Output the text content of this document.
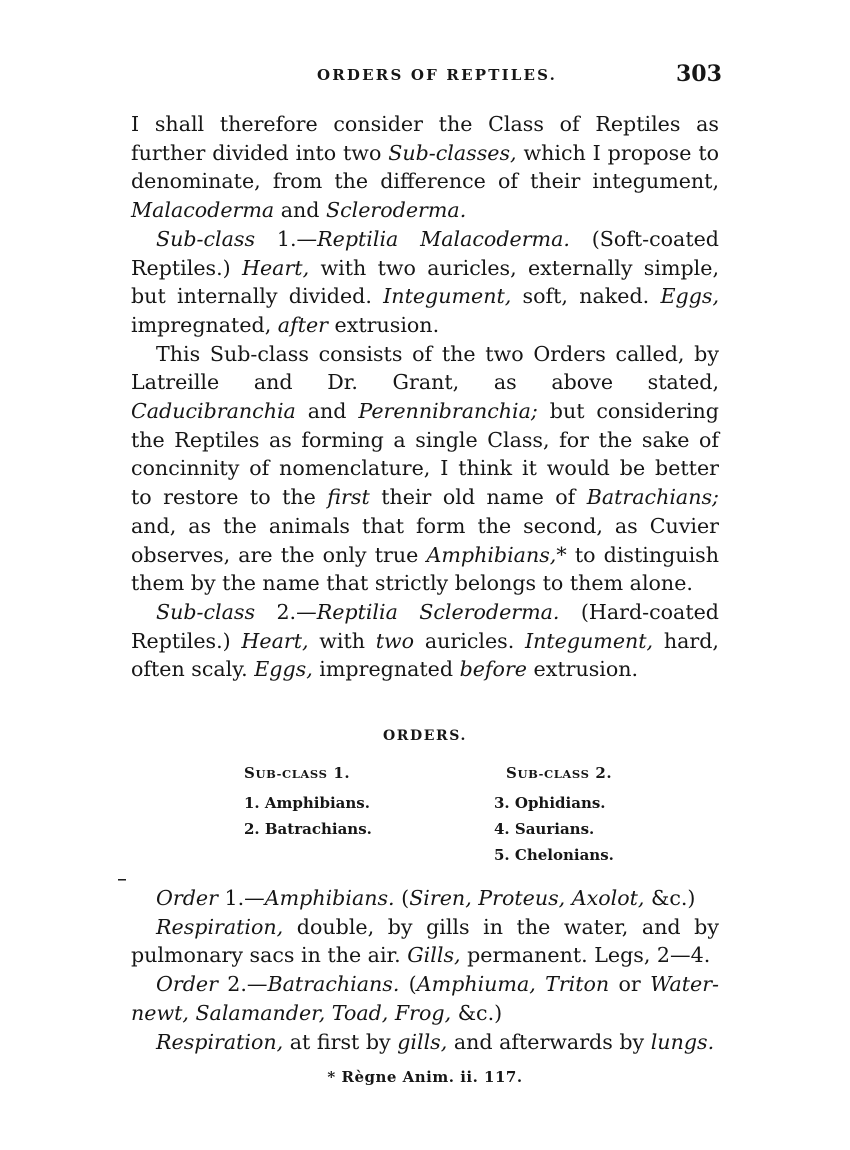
ORDERS OF REPTILES.	303

I shall therefore consider the Class of Reptiles as further divided into two Sub-classes, which I propose to denominate, from the difference of their integument, Malacoderma and Scleroderma.

Sub-class 1.—Reptilia Malacoderma. (Soft-coated Reptiles.) Heart, with two auricles, externally simple, but internally divided. Integument, soft, naked. Eggs, impregnated, after extrusion.

This Sub-class consists of the two Orders called, by Latreille and Dr. Grant, as above stated, Caducibranchia and Perennibranchia; but considering the Reptiles as forming a single Class, for the sake of concinnity of nomenclature, I think it would be better to restore to the first their old name of Batrachians; and, as the animals that form the second, as Cuvier observes, are the only true Amphibians,* to distinguish them by the name that strictly belongs to them alone.

Sub-class 2.—Reptilia Scleroderma. (Hard-coated Reptiles.) Heart, with two auricles. Integument, hard, often scaly. Eggs, impregnated before extrusion.

ORDERS.
SUB-CLASS 1.
1. Amphibians.
2. Batrachians.
SUB-CLASS 2.
3. Ophidians.
4. Saurians.
5. Chelonians.
‾

Order 1.—Amphibians. (Siren, Proteus, Axolot, &c.)

Respiration, double, by gills in the water, and by pulmonary sacs in the air. Gills, permanent. Legs, 2—4.

Order 2.—Batrachians. (Amphiuma, Triton or Water-newt, Salamander, Toad, Frog, &c.)

Respiration, at first by gills, and afterwards by lungs.

* Règne Anim. ii. 117.
